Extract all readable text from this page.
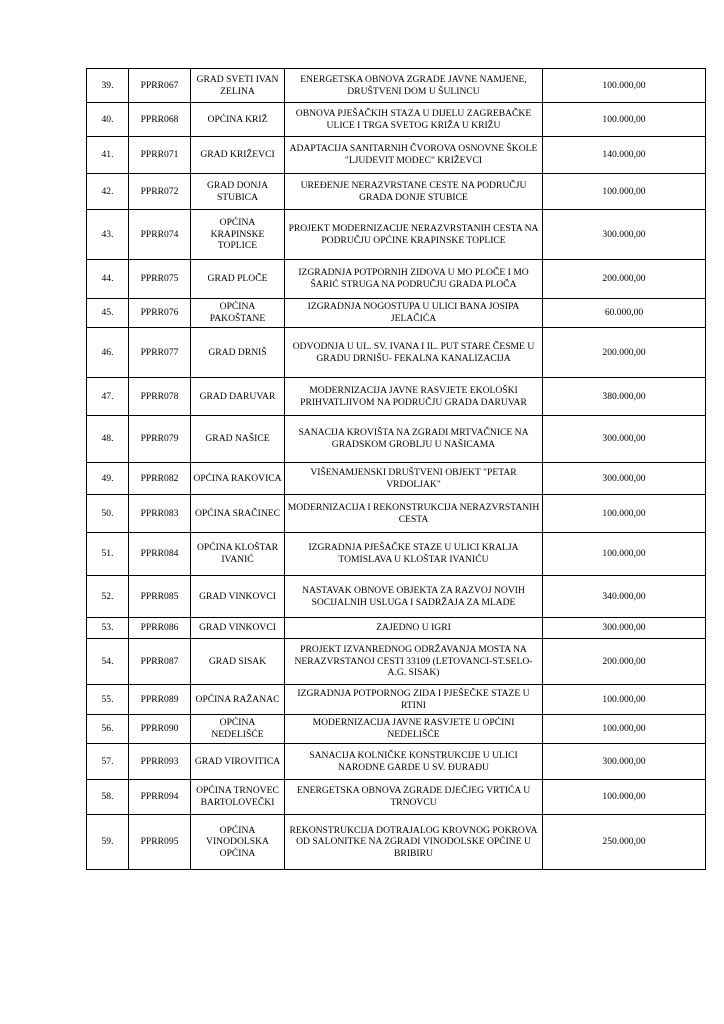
39.	PPRR067	GRAD SVETI IVAN ZELINA	ENERGETSKA OBNOVA ZGRADE JAVNE NAMJENE, DRUŠTVENI DOM U ŠULINCU	100.000,00
40.	PPRR068	OPĆINA KRIŽ	OBNOVA PJEŠAČKIH STAZA U DIJELU ZAGREBAČKE ULICE I TRGA SVETOG KRIŽA U KRIŽU	100.000,00
41.	PPRR071	GRAD KRIŽEVCI	ADAPTACIJA SANITARNIH ČVOROVA OSNOVNE ŠKOLE "LJUDEVIT MODEC" KRIŽEVCI	140.000,00
42.	PPRR072	GRAD DONJA STUBICA	UREĐENJE NERAZVRSTANE CESTE NA PODRUČJU GRADA DONJE STUBICE	100.000,00
43.	PPRR074	OPĆINA KRAPINSKE TOPLICE	PROJEKT MODERNIZACIJE NERAZVRSTANIH CESTA NA PODRUČJU OPĆINE KRAPINSKE TOPLICE	300.000,00
44.	PPRR075	GRAD PLOČE	IZGRADNJA POTPORNIH ZIDOVA U MO PLOČE I MO ŠARIĆ STRUGA NA PODRUČJU GRADA PLOČA	200.000,00
45.	PPRR076	OPĆINA PAKOŠTANE	IZGRADNJA NOGOSTUPA U ULICI BANA JOSIPA JELAČIĆA	60.000,00
46.	PPRR077	GRAD DRNIŠ	ODVODNJA U UL. SV. IVANA I IL. PUT STARE ČESME U GRADU DRNIŠU- FEKALNA KANALIZACIJA	200.000,00
47.	PPRR078	GRAD DARUVAR	MODERNIZACIJA JAVNE RASVJETE EKOLOŠKI PRIHVATLJIVOM NA PODRUČJU GRADA DARUVAR	380.000,00
48.	PPRR079	GRAD NAŠICE	SANACIJA KROVIŠTA NA ZGRADI MRTVAČNICE NA GRADSKOM GROBLJU U NAŠICAMA	300.000,00
49.	PPRR082	OPĆINA RAKOVICA	VIŠENAMJENSKI DRUŠTVENI OBJEKT "PETAR VRDOLJAK"	300.000,00
50.	PPRR083	OPĆINA SRAČINEC	MODERNIZACIJA I REKONSTRUKCIJA NERAZVRSTANIH CESTA	100.000,00
51.	PPRR084	OPĆINA KLOŠTAR IVANIĆ	IZGRADNJA PJEŠAČKE STAZE U ULICI KRALJA TOMISLAVA U KLOŠTAR IVANIĆU	100.000,00
52.	PPRR085	GRAD VINKOVCI	NASTAVAK OBNOVE OBJEKTA ZA RAZVOJ NOVIH SOCIJALNIH USLUGA I SADRŽAJA ZA MLADE	340.000,00
53.	PPRR086	GRAD VINKOVCI	ZAJEDNO U IGRI	300.000,00
54.	PPRR087	GRAD SISAK	PROJEKT IZVANREDNOG ODRŽAVANJA MOSTA NA NERAZVRSTANOJ CESTI 33109 (LETOVANCI-ST.SELO-A.G. SISAK)	200.000,00
55.	PPRR089	OPĆINA RAŽANAC	IZGRADNJA POTPORNOG ZIDA I PJEŠEČKE STAZE U RTINI	100.000,00
56.	PPRR090	OPĆINA NEDELIŠĆE	MODERNIZACIJA JAVNE RASVJETE U OPĆINI NEDELIŠĆE	100.000,00
57.	PPRR093	GRAD VIROVITICA	SANACIJA KOLNIČKE KONSTRUKCIJE U ULICI NARODNE GARDE U SV. ĐURAĐU	300.000,00
58.	PPRR094	OPĆINA TRNOVEC BARTOLOVEČKI	ENERGETSKA OBNOVA ZGRADE DJEČJEG VRTIĆA U TRNOVCU	100.000,00
59.	PPRR095	OPĆINA VINODOLSKA OPĆINA	REKONSTRUKCIJA DOTRAJALOG KROVNOG POKROVA OD SALONITKE NA ZGRADI VINODOLSKE OPĆINE U BRIBIRU	250.000,00
